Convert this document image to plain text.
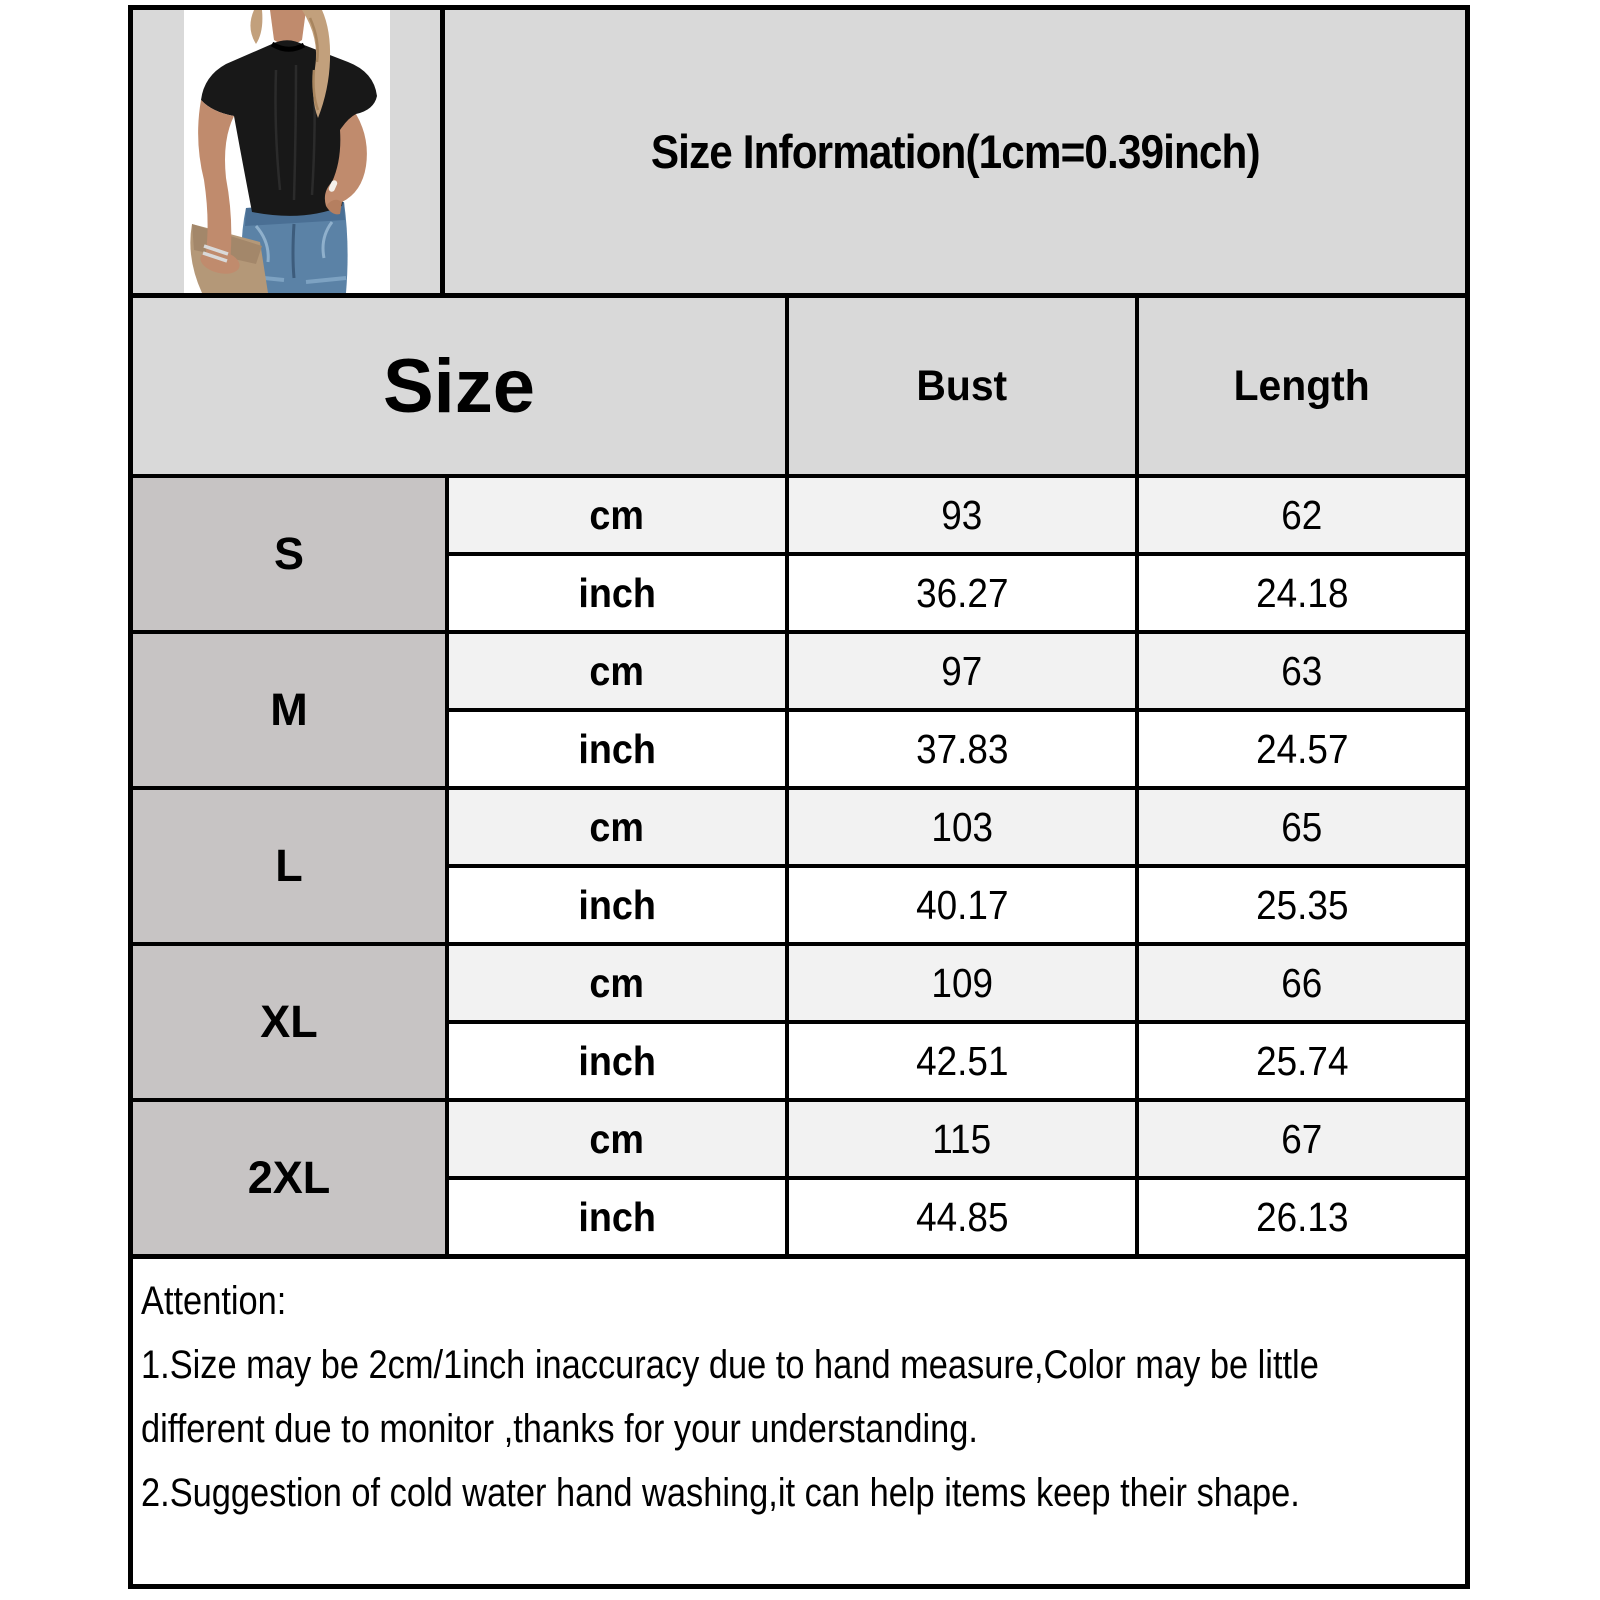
Size Information(1cm=0.39inch)
Size	Bust	Length
S
cm	93	62
inch	36.27	24.18
M
cm	97	63
inch	37.83	24.57
L
cm	103	65
inch	40.17	25.35
XL
cm	109	66
inch	42.51	25.74
2XL
cm	115	67
inch	44.85	26.13
Attention:
1.Size may be 2cm/1inch inaccuracy due to hand measure,Color may be little
different due to monitor ,thanks for your understanding.
2.Suggestion of cold water hand washing,it can help items keep their shape.
